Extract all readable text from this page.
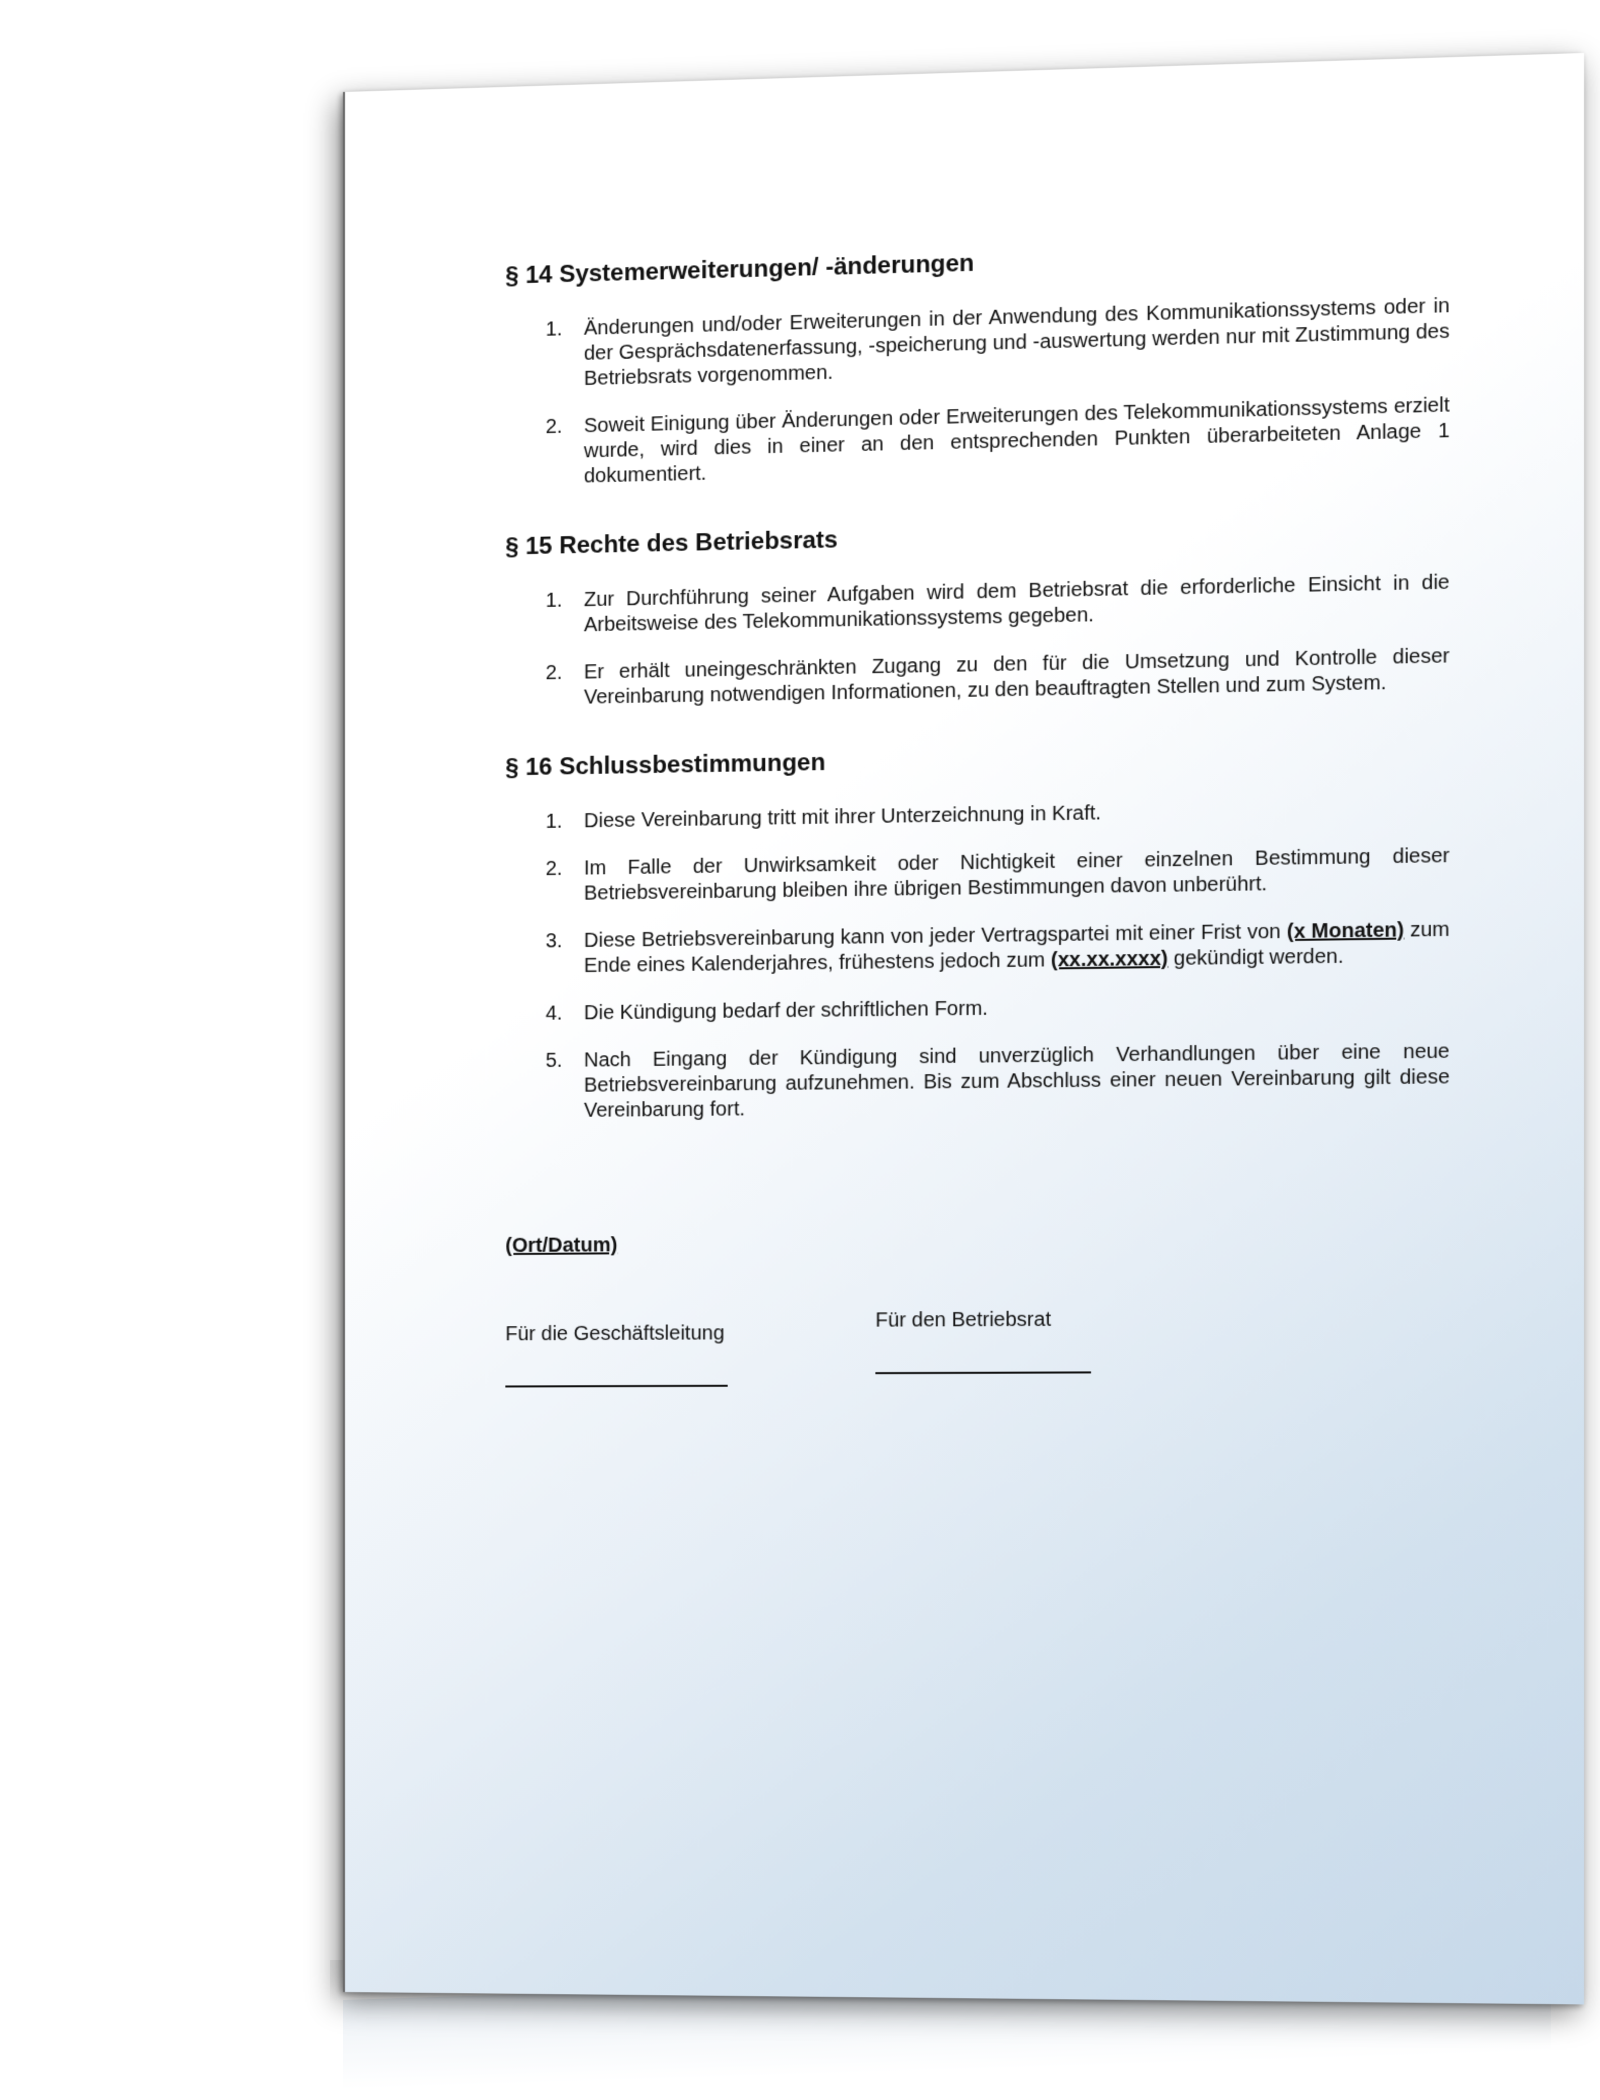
§ 14 Systemerweiterungen/ -änderungen
1.	Änderungen und/oder Erweiterungen in der Anwendung des Kommunikationssystems oder in der Gesprächsdatenerfassung, -speicherung und -auswertung werden nur mit Zustimmung des Betriebsrats vorgenommen.
2.	Soweit Einigung über Änderungen oder Erweiterungen des Telekommunikationssystems erzielt wurde, wird dies in einer an den entsprechenden Punkten überarbeiteten Anlage 1 dokumentiert.
§ 15 Rechte des Betriebsrats
1.	Zur Durchführung seiner Aufgaben wird dem Betriebsrat die erforderliche Einsicht in die Arbeitsweise des Telekommunikationssystems gegeben.
2.	Er erhält uneingeschränkten Zugang zu den für die Umsetzung und Kontrolle dieser Vereinbarung notwendigen Informationen, zu den beauftragten Stellen und zum System.
§ 16 Schlussbestimmungen
1.	Diese Vereinbarung tritt mit ihrer Unterzeichnung in Kraft.
2.	Im Falle der Unwirksamkeit oder Nichtigkeit einer einzelnen Bestimmung dieser Betriebsvereinbarung bleiben ihre übrigen Bestimmungen davon unberührt.
3.	Diese Betriebsvereinbarung kann von jeder Vertragspartei mit einer Frist von (x Monaten) zum Ende eines Kalenderjahres, frühestens jedoch zum (xx.xx.xxxx) gekündigt werden.
4.	Die Kündigung bedarf der schriftlichen Form.
5.	Nach Eingang der Kündigung sind unverzüglich Verhandlungen über eine neue Betriebsvereinbarung aufzunehmen. Bis zum Abschluss einer neuen Vereinbarung gilt diese Vereinbarung fort.
(Ort/Datum)
Für die Geschäftsleitung
Für den Betriebsrat
